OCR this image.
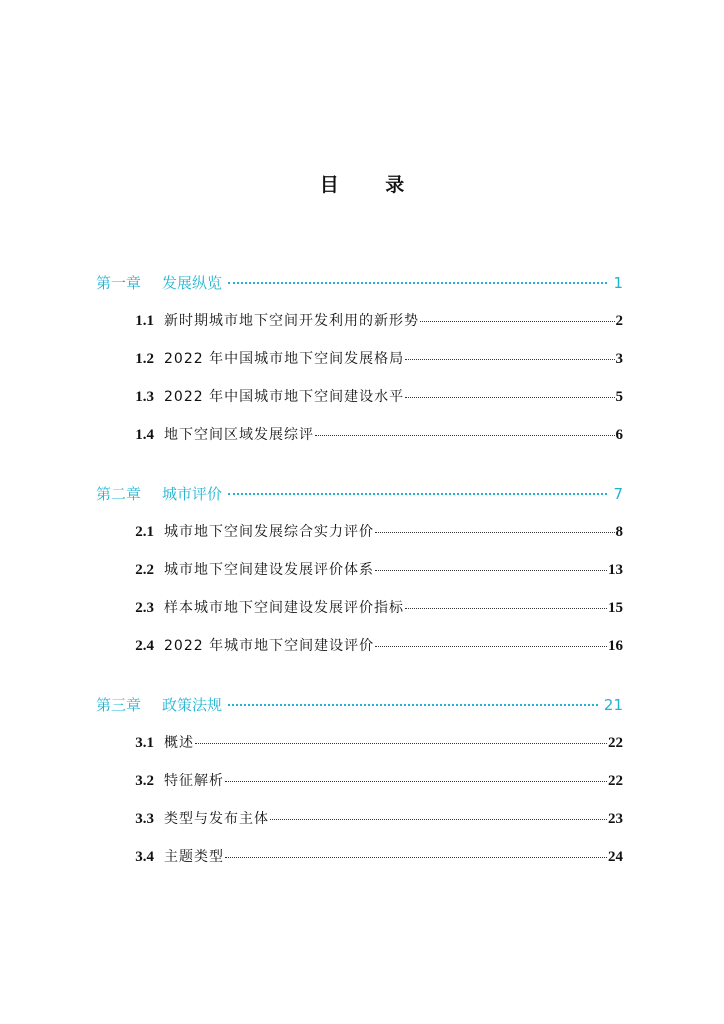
目 录
第一章	发展纵览	1
1.1 新时期城市地下空间开发利用的新形势	2
1.2 2022 年中国城市地下空间发展格局	3
1.3 2022 年中国城市地下空间建设水平	5
1.4 地下空间区域发展综评	6
第二章	城市评价	7
2.1 城市地下空间发展综合实力评价	8
2.2 城市地下空间建设发展评价体系	13
2.3 样本城市地下空间建设发展评价指标	15
2.4 2022 年城市地下空间建设评价	16
第三章	政策法规	21
3.1 概述	22
3.2 特征解析	22
3.3 类型与发布主体	23
3.4 主题类型	24
